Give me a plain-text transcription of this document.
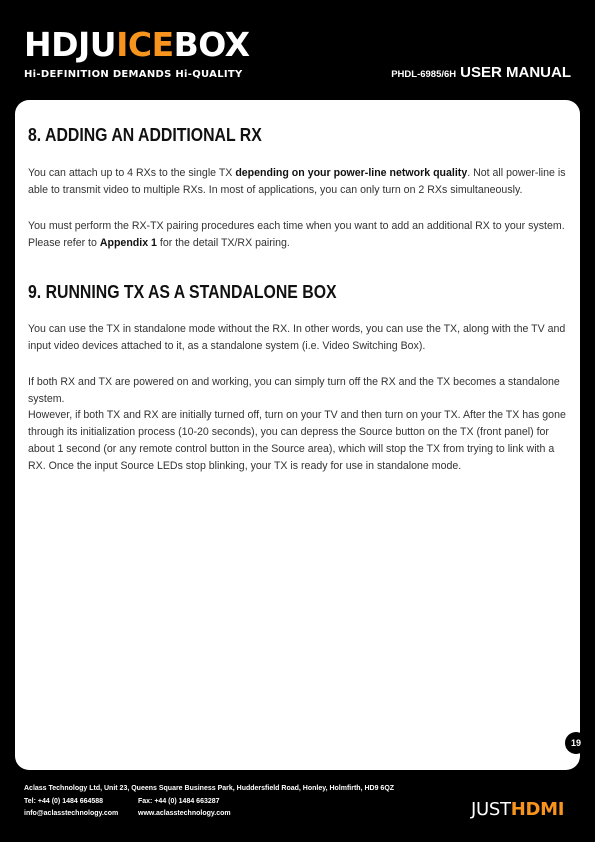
HDJUICEBOX
Hi-DEFINITION DEMANDS Hi-QUALITY	PHDL-6985/6H USER MANUAL
8. ADDING AN ADDITIONAL RX

You can attach up to 4 RXs to the single TX depending on your power-line network quality. Not all power-line is able to transmit video to multiple RXs. In most of applications, you can only turn on 2 RXs simultaneously.

You must perform the RX-TX pairing procedures each time when you want to add an additional RX to your system. Please refer to Appendix 1 for the detail TX/RX pairing.

9. RUNNING TX AS A STANDALONE BOX

You can use the TX in standalone mode without the RX. In other words, you can use the TX, along with the TV and input video devices attached to it, as a standalone system (i.e. Video Switching Box).

If both RX and TX are powered on and working, you can simply turn off the RX and the TX becomes a standalone system.

However, if both TX and RX are initially turned off, turn on your TV and then turn on your TX. After the TX has gone through its initialization process (10-20 seconds), you can depress the Source button on the TX (front panel) for about 1 second (or any remote control button in the Source area), which will stop the TX from trying to link with a RX. Once the input Source LEDs stop blinking, your TX is ready for use in standalone mode.

19
Aclass Technology Ltd, Unit 23, Queens Square Business Park, Huddersfield Road, Honley, Holmfirth, HD9 6QZ
Tel: +44 (0) 1484 664588	Fax: +44 (0) 1484 663287
info@aclasstechnology.com	www.aclasstechnology.com	JUSTHDMI
